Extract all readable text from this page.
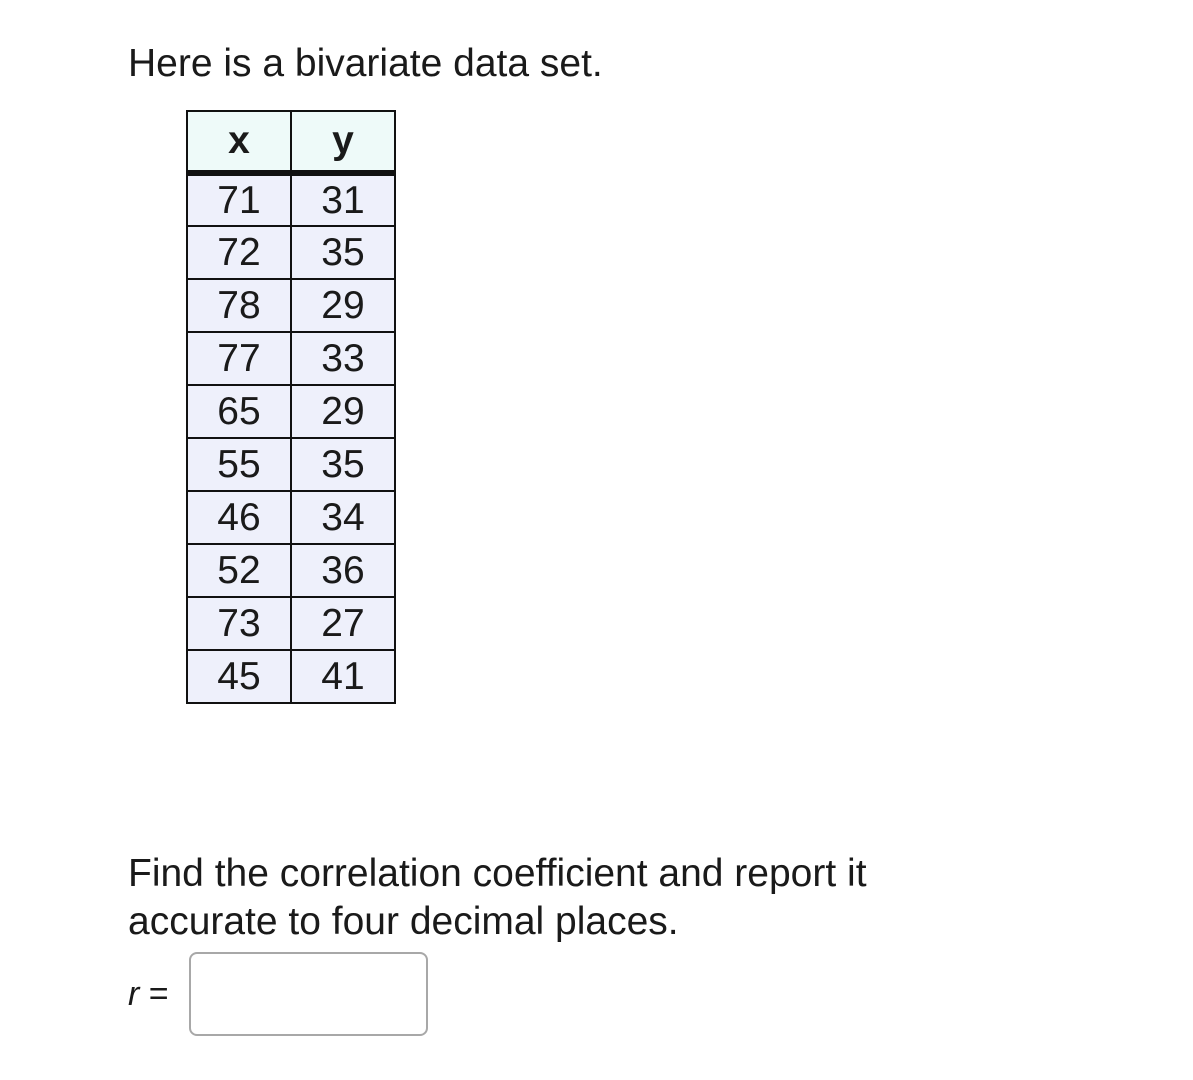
Here is a bivariate data set.

x	y
71	31
72	35
78	29
77	33
65	29
55	35
46	34
52	36
73	27
45	41
Find the correlation coefficient and report it
accurate to four decimal places.
r =
